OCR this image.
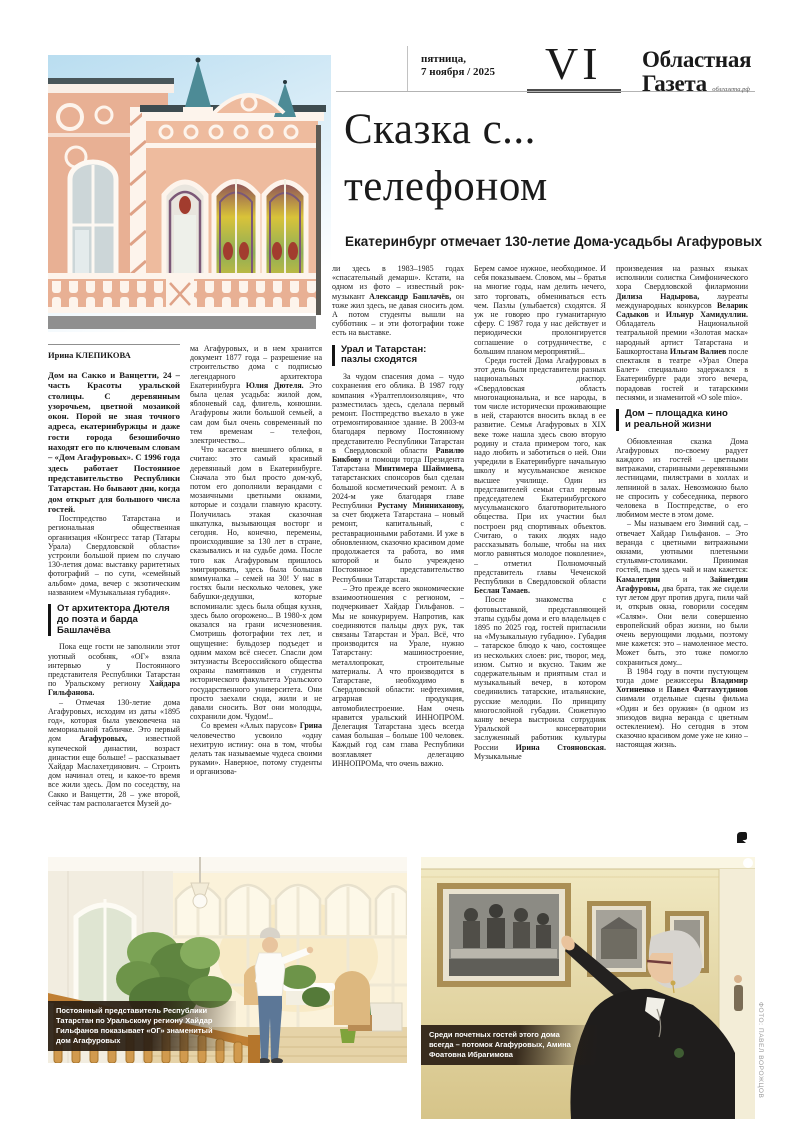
пятница,
7 ноября / 2025 VI Областная
Газета облгазета.рф
Сказка с...
телефоном
Екатеринбург отмечает 130-летие Дома-усадьбы Агафуровых
Ирина КЛЕПИКОВА

Дом на Сакко и Ванцетти, 24 – часть Красоты уральской столицы. С деревянным узорочьем, цветной мозаикой окон. Порой не зная точного адреса, екатеринбуржцы и даже гости города безошибочно находят его по ключевым словам – «Дом Агафуровых». С 1996 года здесь работает Постоянное представительство Республики Татарстан. Но бывают дни, когда дом открыт для большого числа гостей.

Постпредство Татарстана и региональная общественная организация «Конгресс татар (Татары Урала) Свердловской области» устроили большой прием по случаю 130-летия дома: выставку раритетных фотографий – по сути, «семейный альбом» дома, вечер с экзотическим названием «Музыкальная губадия».

От архитектора Дютеля
до поэта и барда Башлачёва

Пока еще гости не заполнили этот уютный особняк, «ОГ» взяла интервью у Постоянного представителя Республики Татарстан по Уральскому региону Хайдара Гильфанова.

– Отмечая 130-летие дома Агафуровых, исходим из даты «1895 год», которая была увековечена на мемориальной табличке. Это первый дом Агафуровых, известной купеческой династии, возраст династии еще больше! – рассказывает Хайдар Маслахетдинович. – Строить дом начинал отец, и какое-то время все жили здесь. Дом по соседству, на Сакко и Ванцетти, 28 – уже второй, сейчас там располагается Музей до-

ма Агафуровых, и в нем хранится документ 1877 года – разрешение на строительство дома с подписью легендарного архитектора Екатеринбурга Юлия Дютеля. Это была целая усадьба: жилой дом, яблоневый сад, флигель, конюшни. Агафуровы жили большой семьей, а сам дом был очень современный по тем временам – телефон, электричество...

Что касается внешнего облика, я считаю: это самый красивый деревянный дом в Екатеринбурге. Сначала это был просто дом-куб, потом его дополнили верандами с мозаичными цветными окнами, которые и создали главную красоту. Получилась этакая сказочная шкатулка, вызывающая восторг и сегодня. Но, конечно, перемены, происходившие за 130 лет в стране, сказывались и на судьбе дома. После того как Агафуровым пришлось эмигрировать, здесь была большая коммуналка – семей на 30! У нас в гостях были несколько человек, уже бабушки-дедушки, которые вспоминали: здесь была общая кухня, здесь было огорожено... В 1980-х дом оказался на грани исчезновения. Смотришь фотографии тех лет, и ощущение: бульдозер подъедет и одним махом всё снесет. Спасли дом энтузиасты Всероссийского общества охраны памятников и студенты исторического факультета Уральского государственного университета. Они просто заехали сюда, жили и не давали сносить. Вот они молодцы, сохранили дом. Чудом!..

Со времен «Алых парусов» Грина человечество усвоило «одну нехитрую истину: она в том, чтобы делать так называемые чудеса своими руками». Наверное, потому студенты и организова-

ли здесь в 1983–1985 годах «спасательный демарш». Кстати, на одном из фото – известный рок-музыкант Александр Башлачёв, он тоже жил здесь, не давая сносить дом. А потом студенты вышли на субботник – и эти фотографии тоже есть на выставке.

Урал и Татарстан:
пазлы сходятся

За чудом спасения дома – чудо сохранения его облика. В 1987 году компания «Уралтеплоизоляция», что разместилась здесь, сделала первый ремонт. Постпредство въехало в уже отремонтированное здание. В 2003-м благодаря первому Постоянному представителю Республики Татарстан в Свердловской области Равилю Бикбову и помощи тогда Президента Татарстана Минтимера Шаймиева, татарстанских спонсоров был сделан большой косметический ремонт. А в 2024-м уже благодаря главе Республики Рустаму Минниханову, за счет бюджета Татарстана – новый ремонт, капитальный, с реставрационными работами. И уже в обновленном, сказочно красивом доме продолжается та работа, во имя которой и было учреждено Постоянное представительство Республики Татарстан.

– Это прежде всего экономические взаимоотношения с регионом, – подчеркивает Хайдар Гильфанов. – Мы не конкурируем. Напротив, как соединяются пальцы двух рук, так связаны Татарстан и Урал. Всё, что производится на Урале, нужно Татарстану: машиностроение, металлопрокат, строительные материалы. А что производится в Татарстане, необходимо в Свердловской области: нефтехимия, аграрная продукция, автомобилестроение. Нам очень нравится уральский ИННОПРОМ. Делегация Татарстана здесь всегда самая большая – больше 100 человек. Каждый год сам глава Республики возглавляет делегацию ИННОПРОМа, что очень важно.

Берем самое нужное, необходимое. И себя показываем. Словом, мы – братья на многие годы, нам делить нечего, зато торговать, обмениваться есть чем. Пазлы (улыбается) сходятся. Я уж не говорю про гуманитарную сферу. С 1987 года у нас действует и периодически пролонгируется соглашение о сотрудничестве, с большим планом мероприятий...

Среди гостей Дома Агафуровых в этот день были представители разных национальных диаспор. «Свердловская область многонациональна, и все народы, в том числе исторически проживающие в ней, стараются вносить вклад в ее развитие. Семья Агафуровых в XIX веке тоже нашла здесь свою вторую родину и стала примером того, как надо любить и заботиться о ней. Они учредили в Екатеринбурге начальную школу и мусульманское женское высшее училище. Один из представителей семьи стал первым председателем Екатеринбургского мусульманского благотворительного общества. При их участии был построен ряд спортивных объектов. Считаю, о таких людях надо рассказывать больше, чтобы на них могло равняться молодое поколение», – отметил Полномочный представитель главы Чеченской Республики в Свердловской области Беслан Тамаев.

После знакомства с фотовыставкой, представляющей этапы судьбы дома и его владельцев с 1895 по 2025 год, гостей пригласили на «Музыкальную губадию». Губадия – татарское блюдо к чаю, состоящее из нескольких слоев: рис, творог, мед, изюм. Сытно и вкусно. Таким же содержательным и приятным стал и музыкальный вечер, в котором соединились татарские, итальянские, русские мелодии. По принципу многослойной губадии. Сюжетную канву вечера выстроила сотрудник Уральской консерватории заслуженный работник культуры России Ирина Стояновская. Музыкальные

произведения на разных языках исполнили солистка Симфонического хора Свердловской филармонии Дилиза Надырова, лауреаты международных конкурсов Веларик Садыков и Ильнур Хамидуллин. Обладатель Национальной театральной премии «Золотая маска» народный артист Татарстана и Башкортостана Ильгам Валиев после спектакля в театре «Урал Опера Балет» специально задержался в Екатеринбурге ради этого вечера, порадовав гостей и татарскими песнями, и знаменитой «O sole mio».

Дом – площадка кино
и реальной жизни

Обновленная сказка Дома Агафуровых по-своему радует каждого из гостей – цветными витражами, старинными деревянными лестницами, пилястрами в холлах и лепниной в залах. Невозможно было не спросить у собеседника, первого человека в Постпредстве, о его любимом месте в этом доме.

– Мы называем его Зимний сад, – отвечает Хайдар Гильфанов. – Это веранда с цветными витражными окнами, уютными плетеными стульями-столиками. Принимая гостей, пьем здесь чай и нам кажется: Камалетдин и Зайнетдин Агафуровы, два брата, так же сидели тут летом друг против друга, пили чай и, открыв окна, говорили соседям «Салям». Они вели совершенно европейский образ жизни, но были очень верующими людьми, поэтому мне кажется: это – намоленное место. Может быть, это тоже помогло сохраниться дому...

В 1984 году в почти пустующем тогда доме режиссеры Владимир Хотиненко и Павел Фаттахутдинов снимали отдельные сцены фильма «Один и без оружия» (в одном из эпизодов видна веранда с цветным остеклением). Но сегодня в этом сказочно красивом доме уже не кино – настоящая жизнь.

Постоянный представитель Республики Татарстан по Уральскому региону Хайдар Гильфанов показывает «ОГ» знаменитый дом Агафуровых
Среди почетных гостей этого дома всегда – потомок Агафуровых, Амина Фоатовна Ибрагимова	ФОТО: ПАВЕЛ ВОРОЖЦОВ
